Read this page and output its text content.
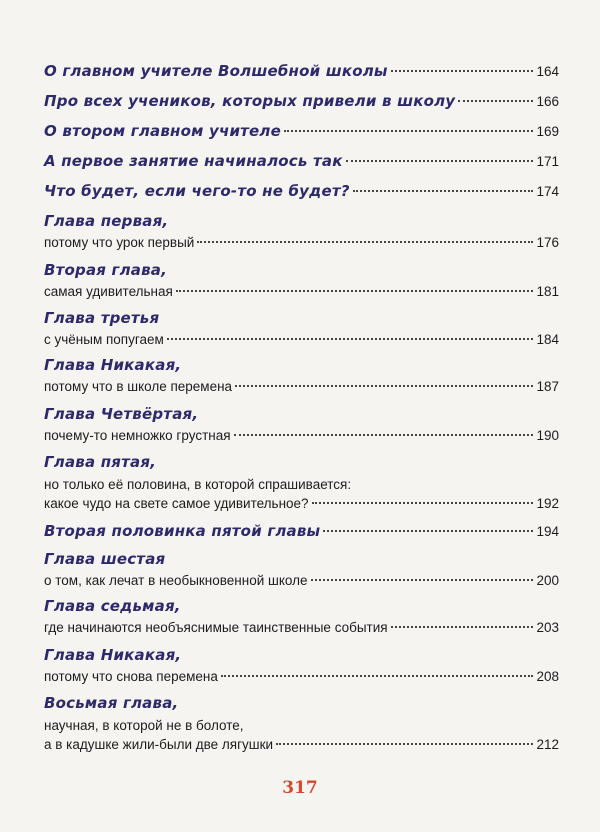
О главном учителе Волшебной школы	164
Про всех учеников, которых привели в школу	166
О втором главном учителе	169
А первое занятие начиналось так	171
Что будет, если чего-то не будет?	174
Глава первая,
потому что урок первый	176
Вторая глава,
самая удивительная	181
Глава третья
с учёным попугаем	184
Глава Никакая,
потому что в школе перемена	187
Глава Четвёртая,
почему-то немножко грустная	190
Глава пятая,
но только её половина, в которой спрашивается:
какое чудо на свете самое удивительное?	192
Вторая половинка пятой главы	194
Глава шестая
о том, как лечат в необыкновенной школе	200
Глава седьмая,
где начинаются необъяснимые таинственные события	203
Глава Никакая,
потому что снова перемена	208
Восьмая глава,
научная, в которой не в болоте,
а в кадушке жили-были две лягушки	212
317
